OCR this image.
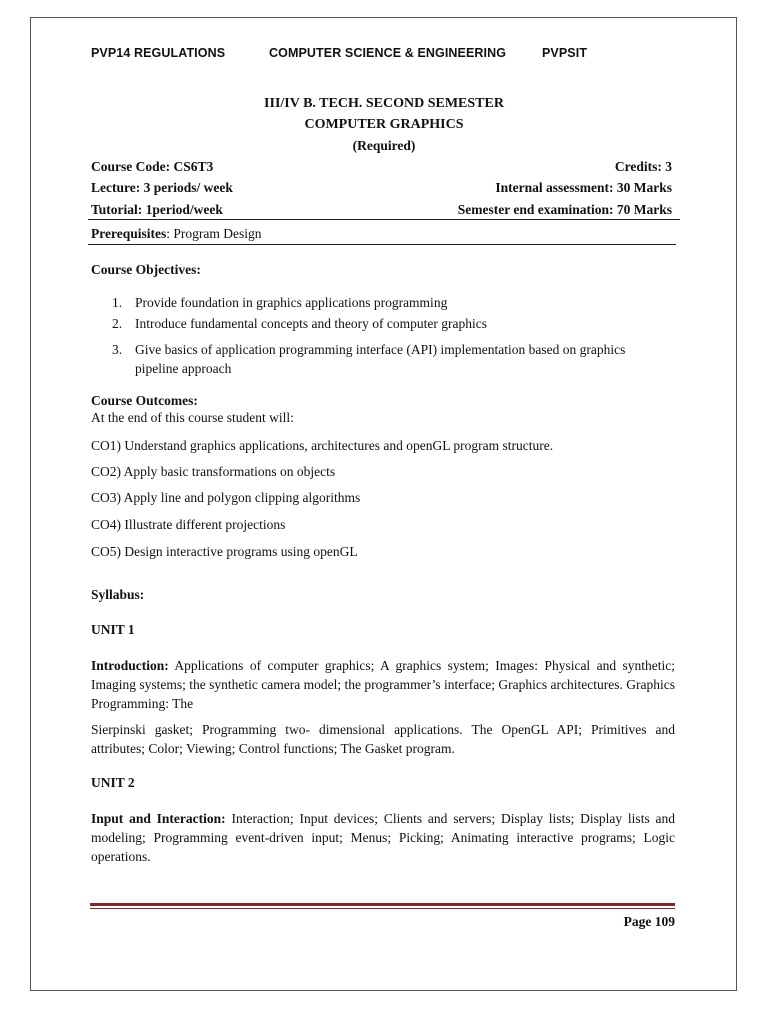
PVP14 REGULATIONS

	COMPUTER SCIENCE & ENGINEERING

	PVPSIT

III/IV B. TECH. SECOND SEMESTER
COMPUTER GRAPHICS
(Required)
Course Code: CS6T3	Credits: 3
Lecture: 3 periods/ week	Internal assessment: 30 Marks
Tutorial: 1period/week	Semester end examination: 70 Marks
Prerequisites: Program Design
Course Objectives:
1. Provide foundation in graphics applications programming
2. Introduce fundamental concepts and theory of computer graphics
3. Give basics of application programming interface (API) implementation based on graphics pipeline approach
Course Outcomes:
At the end of this course student will:
CO1) Understand graphics applications, architectures and openGL program structure.
CO2) Apply basic transformations on objects
CO3) Apply line and polygon clipping algorithms
CO4) Illustrate different projections
CO5) Design interactive programs using openGL
Syllabus:
UNIT 1
Introduction: Applications of computer graphics; A graphics system; Images: Physical and synthetic; Imaging systems; the synthetic camera model; the programmer’s interface; Graphics architectures. Graphics Programming: The
Sierpinski gasket; Programming two- dimensional applications. The OpenGL API; Primitives and attributes; Color; Viewing; Control functions; The Gasket program.
UNIT 2
Input and Interaction: Interaction; Input devices; Clients and servers; Display lists; Display lists and modeling; Programming event-driven input; Menus; Picking; Animating interactive programs; Logic operations.
Page 109
